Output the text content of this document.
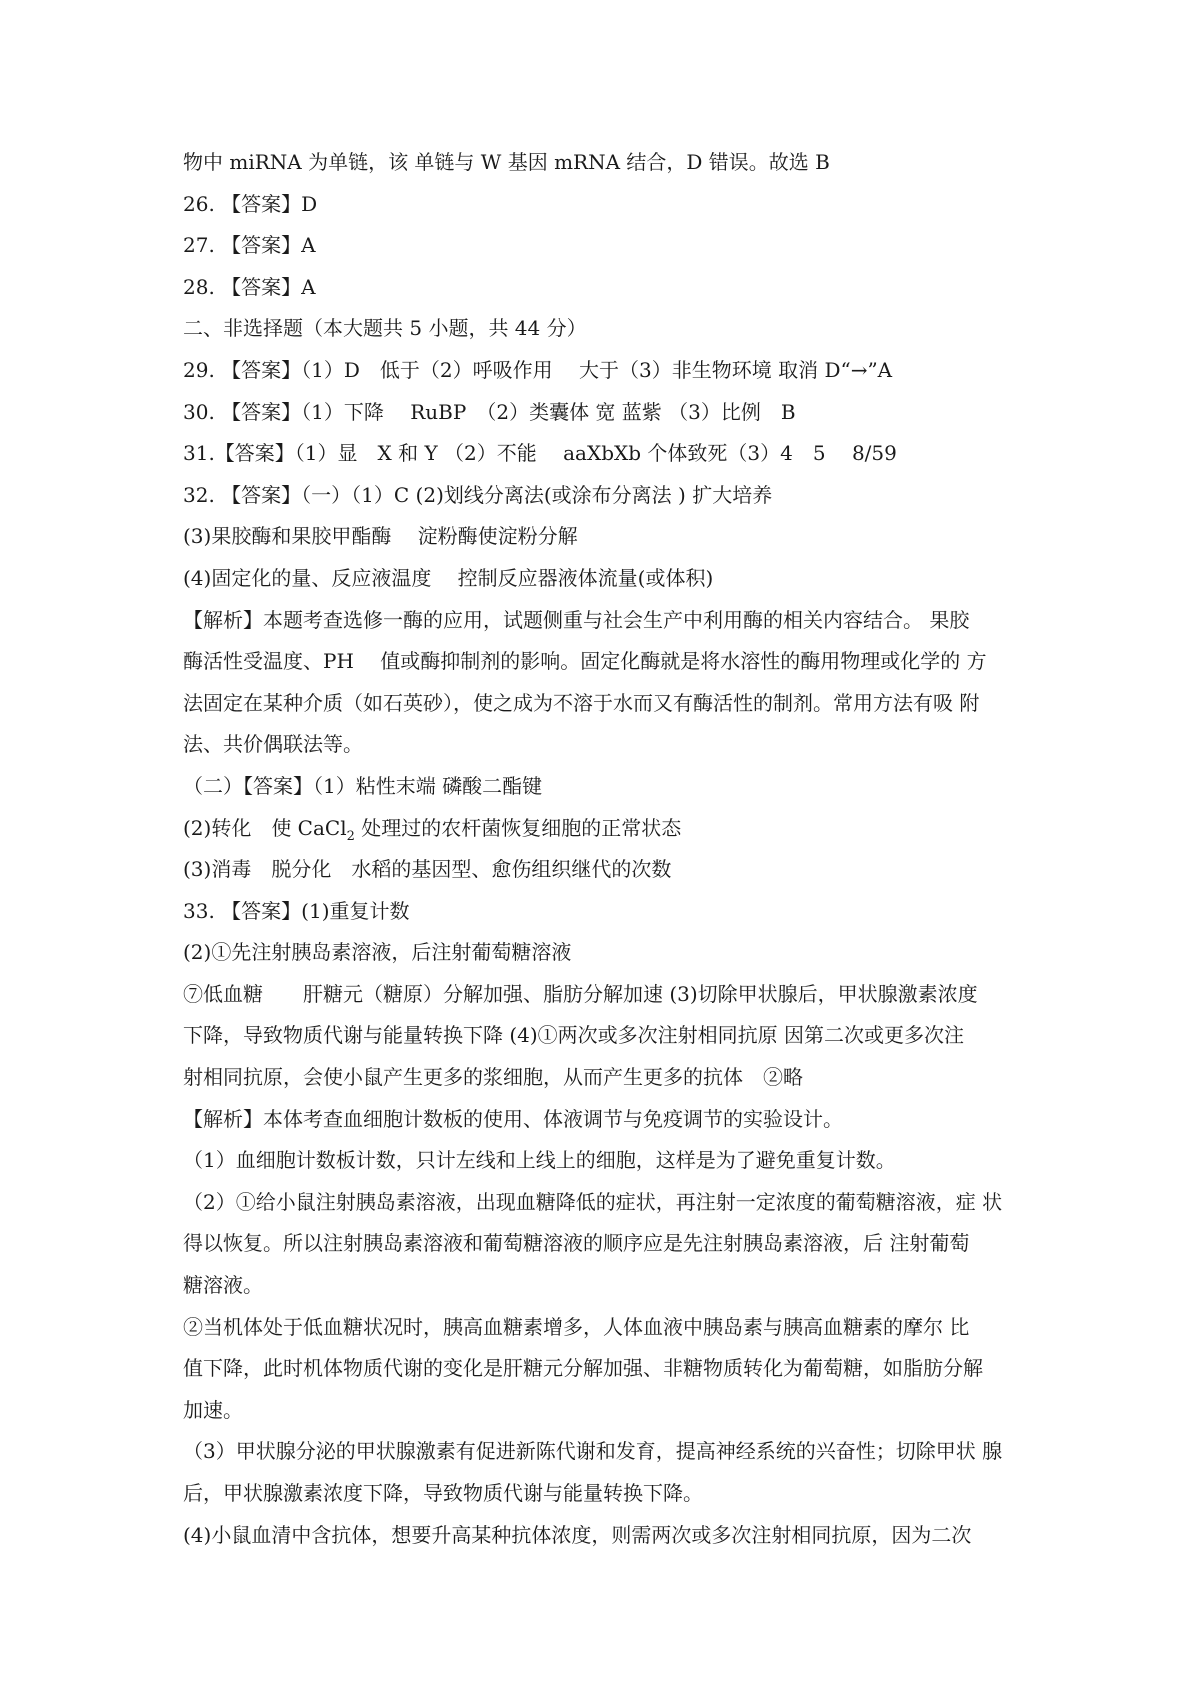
物中 miRNA 为单链，该 单链与 W 基因 mRNA 结合，D 错误。故选 B
26. 【答案】D
27. 【答案】A
28. 【答案】A
二、非选择题（本大题共 5 小题，共 44 分）
29. 【答案】（1）D　低于（2）呼吸作用　 大于（3）非生物环境 取消 D“→”A
30. 【答案】（1）下降　 RuBP　（2）类囊体 宽 蓝紫 （3）比例　B
31.【答案】（1）显　X 和 Y （2）不能　 aaXbXb 个体致死（3）4　5　 8/59
32. 【答案】（一）（1）C (2)划线分离法(或涂布分离法 ) 扩大培养
(3)果胶酶和果胶甲酯酶　 淀粉酶使淀粉分解
(4)固定化的量、反应液温度　 控制反应器液体流量(或体积)
【解析】本题考查选修一酶的应用，试题侧重与社会生产中利用酶的相关内容结合。 果胶
酶活性受温度、PH　 值或酶抑制剂的影响。固定化酶就是将水溶性的酶用物理或化学的 方
法固定在某种介质（如石英砂），使之成为不溶于水而又有酶活性的制剂。常用方法有吸 附
法、共价偶联法等。
（二）【答案】（1）粘性末端 磷酸二酯键
(2)转化　使 CaCl$_2$ 处理过的农杆菌恢复细胞的正常状态
(3)消毒　脱分化　水稻的基因型、愈伤组织继代的次数
33. 【答案】(1)重复计数
(2)①先注射胰岛素溶液，后注射葡萄糖溶液
⑦低血糖　　肝糖元（糖原）分解加强、脂肪分解加速 (3)切除甲状腺后，甲状腺激素浓度
下降，导致物质代谢与能量转换下降 (4)①两次或多次注射相同抗原 因第二次或更多次注
射相同抗原，会使小鼠产生更多的浆细胞，从而产生更多的抗体　②略
【解析】本体考查血细胞计数板的使用、体液调节与免疫调节的实验设计。
（1）血细胞计数板计数，只计左线和上线上的细胞，这样是为了避免重复计数。
（2）①给小鼠注射胰岛素溶液，出现血糖降低的症状，再注射一定浓度的葡萄糖溶液，症 状
得以恢复。所以注射胰岛素溶液和葡萄糖溶液的顺序应是先注射胰岛素溶液，后 注射葡萄
糖溶液。
②当机体处于低血糖状况时，胰高血糖素增多，人体血液中胰岛素与胰高血糖素的摩尔 比
值下降，此时机体物质代谢的变化是肝糖元分解加强、非糖物质转化为葡萄糖，如脂肪分解
加速。
（3）甲状腺分泌的甲状腺激素有促进新陈代谢和发育，提高神经系统的兴奋性；切除甲状 腺
后，甲状腺激素浓度下降，导致物质代谢与能量转换下降。
(4)小鼠血清中含抗体，想要升高某种抗体浓度，则需两次或多次注射相同抗原，因为二次
